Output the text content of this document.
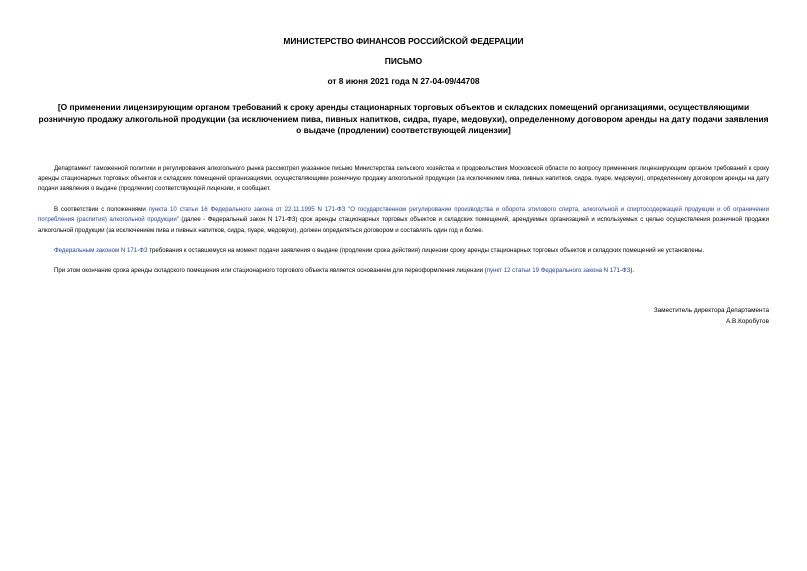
МИНИСТЕРСТВО ФИНАНСОВ РОССИЙСКОЙ ФЕДЕРАЦИИ
ПИСЬМО
от 8 июня 2021 года N 27-04-09/44708
[О применении лицензирующим органом требований к сроку аренды стационарных торговых объектов и складских помещений организациями, осуществляющими розничную продажу алкогольной продукции (за исключением пива, пивных напитков, сидра, пуаре, медовухи), определенному договором аренды на дату подачи заявления о выдаче (продлении) соответствующей лицензии]

Департамент таможенной политики и регулирования алкогольного рынка рассмотрел указанное письмо Министерства сельского хозяйства и продовольствия Московской области по вопросу применения лицензирующим органом требований к сроку аренды стационарных торговых объектов и складских помещений организациями, осуществляющими розничную продажу алкогольной продукции (за исключением пива, пивных напитков, сидра, пуаре, медовухи), определенному договором аренды на дату подачи заявления о выдаче (продлении) соответствующей лицензии, и сообщает.

В соответствии с положениями пункта 10 статьи 16 Федерального закона от 22.11.1995 N 171-ФЗ "О государственном регулировании производства и оборота этилового спирта, алкогольной и спиртосодержащей продукции и об ограничении потребления (распития) алкогольной продукции" (далее - Федеральный закон N 171-ФЗ) срок аренды стационарных торговых объектов и складских помещений, арендуемых организацией и используемых с целью осуществления розничной продажи алкогольной продукции (за исключением пива и пивных напитков, сидра, пуаре, медовухи), должен определяться договором и составлять один год и более.

Федеральным законом N 171-ФЗ требования к оставшемуся на момент подачи заявления о выдаче (продлении срока действия) лицензии сроку аренды стационарных торговых объектов и складских помещений не установлены.

При этом окончание срока аренды складского помещения или стационарного торгового объекта является основанием для переоформления лицензии (пункт 12 статьи 19 Федерального закона N 171-ФЗ).

Заместитель директора Департамента
А.В.Коробутов
